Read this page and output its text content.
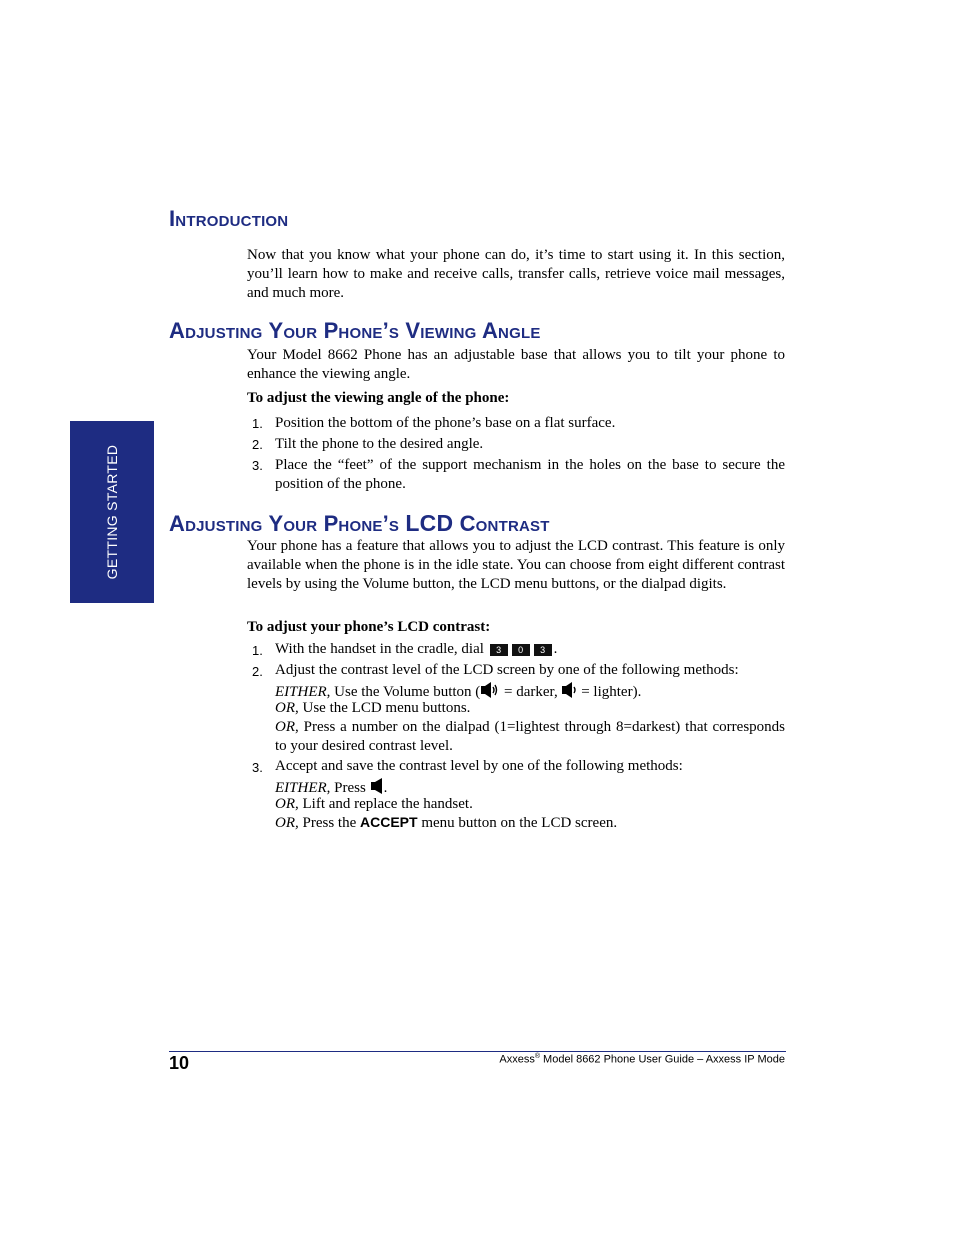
GETTING STARTED
Introduction

Now that you know what your phone can do, it’s time to start using it. In this section, you’ll learn how to make and receive calls, transfer calls, retrieve voice mail messages, and much more.

Adjusting Your Phone’s Viewing Angle

Your Model 8662 Phone has an adjustable base that allows you to tilt your phone to enhance the viewing angle.

To adjust the viewing angle of the phone:

1. Position the bottom of the phone’s base on a flat surface.

2. Tilt the phone to the desired angle.

3. Place the “feet” of the support mechanism in the holes on the base to secure the position of the phone.

Adjusting Your Phone’s LCD Contrast

Your phone has a feature that allows you to adjust the LCD contrast. This feature is only available when the phone is in the idle state. You can choose from eight different contrast levels by using the Volume button, the LCD menu buttons, or the dialpad digits.

To adjust your phone’s LCD contrast:

1. With the handset in the cradle, dial 3 0 3 .
2. Adjust the contrast level of the LCD screen by one of the following methods:
EITHER, Use the Volume button ( = darker,  = lighter).
OR, Use the LCD menu buttons.
OR, Press a number on the dialpad (1=lightest through 8=darkest) that corresponds to your desired contrast level.
3. Accept and save the contrast level by one of the following methods:
EITHER, Press .
OR, Lift and replace the handset.
OR, Press the ACCEPT menu button on the LCD screen.
10	Axxess® Model 8662 Phone User Guide – Axxess IP Mode
